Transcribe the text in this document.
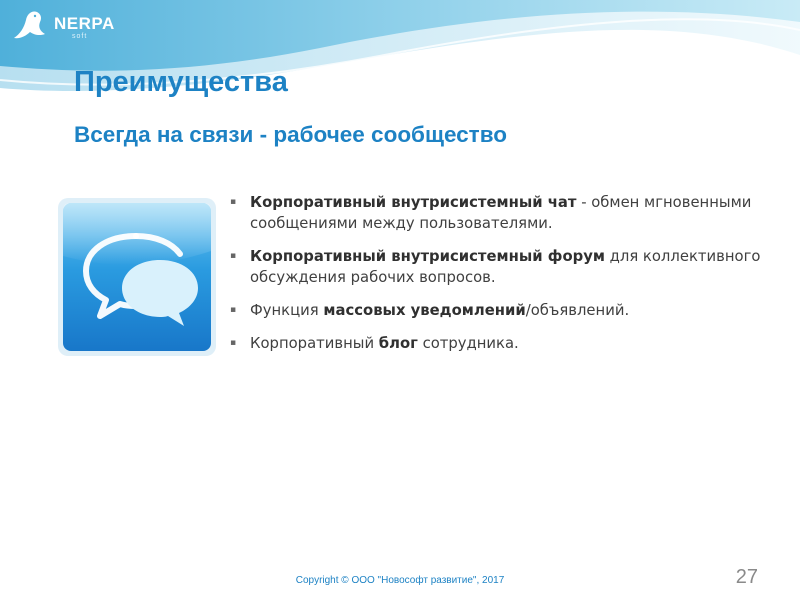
NERPA
soft
Преимущества
Всегда на связи - рабочее сообщество
▪ Корпоративный внутрисистемный чат - обмен мгновенными сообщениями между пользователями.
▪ Корпоративный внутрисистемный форум для коллективного обсуждения рабочих вопросов.
▪ Функция массовых уведомлений/объявлений.
▪ Корпоративный блог сотрудника.
Copyright © ООО "Новософт развитие", 2017	27
